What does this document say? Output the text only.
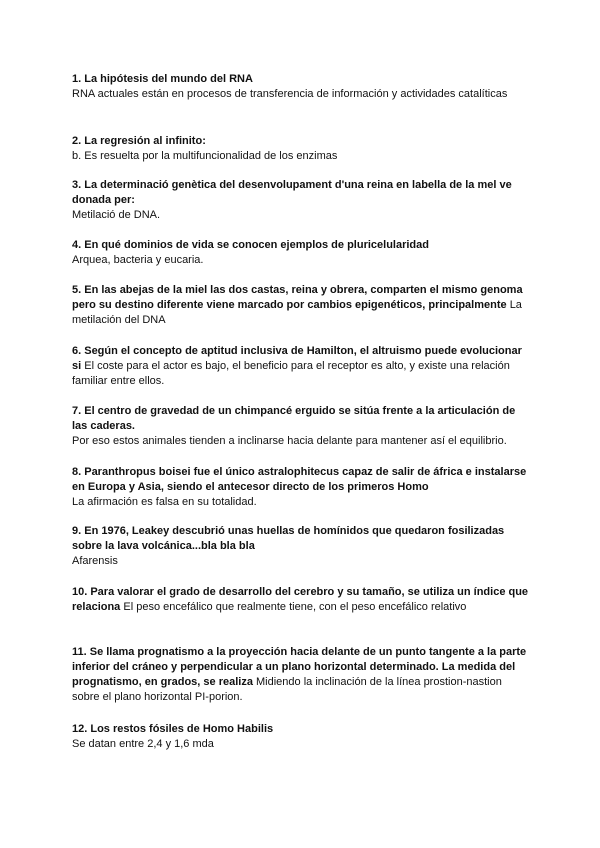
1. La hipótesis del mundo del RNA
RNA actuales están en procesos de transferencia de información y actividades catalíticas
2. La regresión al infinito:
b. Es resuelta por la multifuncionalidad de los enzimas
3. La determinació genètica del desenvolupament d'una reina en labella de la mel ve donada per:
Metilació de DNA.
4. En qué dominios de vida se conocen ejemplos de pluricelularidad
Arquea, bacteria y eucaria.
5. En las abejas de la miel las dos castas, reina y obrera, comparten el mismo genoma pero su destino diferente viene marcado por cambios epigenéticos, principalmente La metilación del DNA
6. Según el concepto de aptitud inclusiva de Hamilton, el altruismo puede evolucionar si El coste para el actor es bajo, el beneficio para el receptor es alto, y existe una relación familiar entre ellos.
7. El centro de gravedad de un chimpancé erguido se sitúa frente a la articulación de las caderas.
Por eso estos animales tienden a inclinarse hacia delante para mantener así el equilibrio.
8. Paranthropus boisei fue el único astralophitecus capaz de salir de áfrica e instalarse en Europa y Asia, siendo el antecesor directo de los primeros Homo
La afirmación es falsa en su totalidad.
9. En 1976, Leakey descubrió unas huellas de homínidos que quedaron fosilizadas sobre la lava volcánica...bla bla bla
Afarensis
10. Para valorar el grado de desarrollo del cerebro y su tamaño, se utiliza un índice que relaciona El peso encefálico que realmente tiene, con el peso encefálico relativo
11. Se llama prognatismo a la proyección hacia delante de un punto tangente a la parte inferior del cráneo y perpendicular a un plano horizontal determinado. La medida del prognatismo, en grados, se realiza Midiendo la inclinación de la línea prostion-nastion sobre el plano horizontal PI-porion.
12. Los restos fósiles de Homo Habilis
Se datan entre 2,4 y 1,6 mda
